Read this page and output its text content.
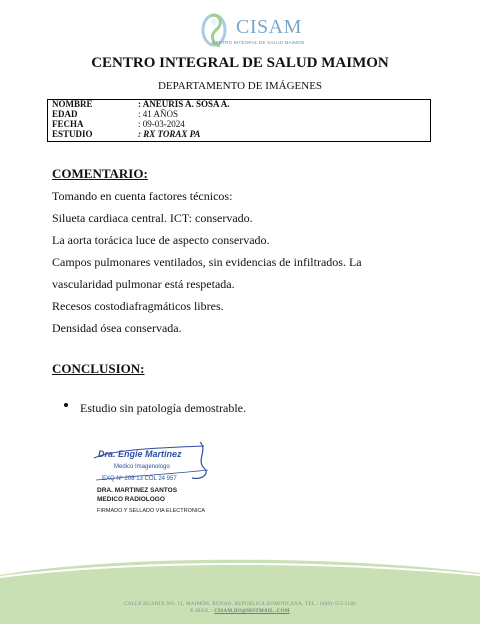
CISAM
CENTRO INTEGRAL DE SALUD MAIMON
CENTRO INTEGRAL DE SALUD MAIMON
DEPARTAMENTO DE IMÁGENES
NOMBRE	: ANEURIS A. SOSA A.
EDAD	: 41 AÑOS
FECHA	: 09-03-2024
ESTUDIO	: RX TORAX PA
COMENTARIO:
Tomando en cuenta factores técnicos:
Silueta cardiaca central. ICT: conservado.
La aorta torácica luce de aspecto conservado.
Campos pulmonares ventilados, sin evidencias de infiltrados. La
vascularidad pulmonar está respetada.
Recesos costodiafragmáticos libres.
Densidad ósea conservada.
CONCLUSION:
Estudio sin patología demostrable.
Dra. Engie Martinez
Medico Imagenologo
EXQ Nº 208 13 COL 24 957
DRA. MARTINEZ SANTOS
MEDICO RADIOLOGO
FIRMADO Y SELLADO VIA ELECTRONICA
CALLE DUARTE NO. 11, MAIMÓN, BONAO, REPUBLICA DOMINICANA, TEL.: (809)-551-2186
E-MAIL : CISAM.DO@HOTMAIL .COM
